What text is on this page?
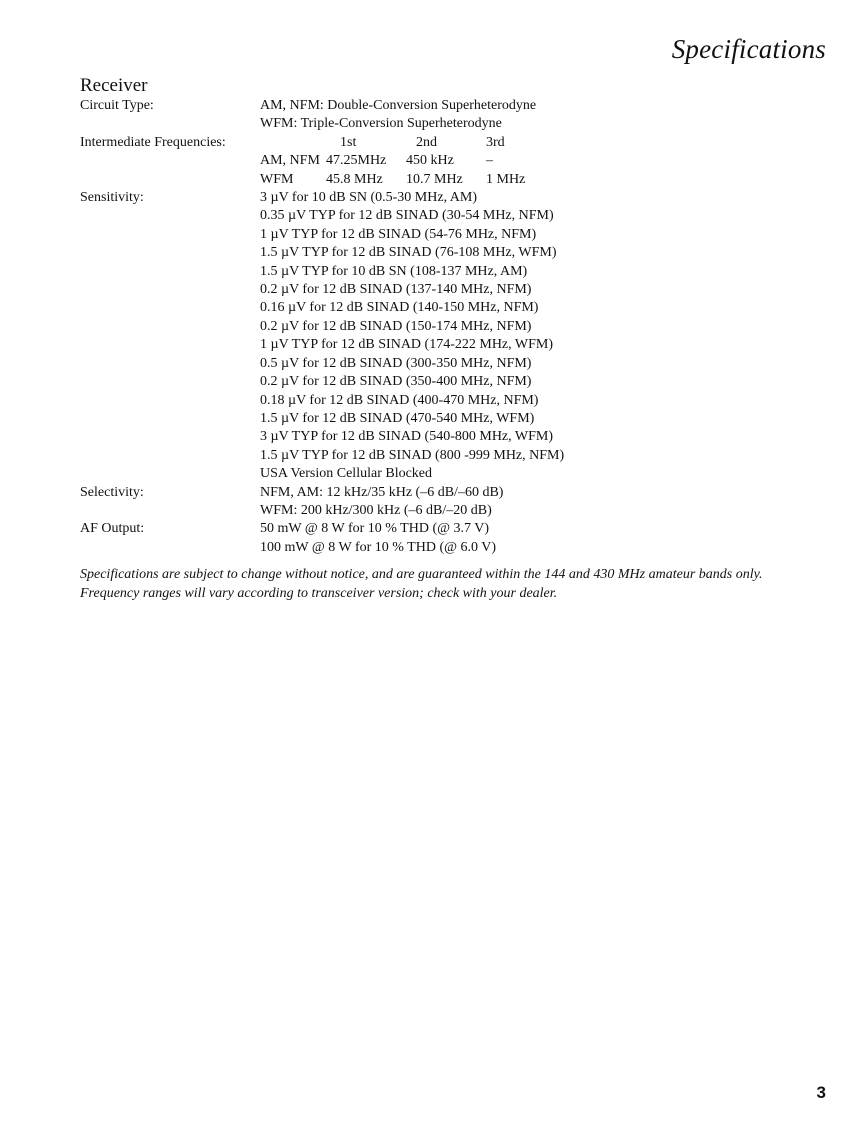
Specifications
Receiver
Circuit Type:	AM, NFM: Double-Conversion Superheterodyne
WFM: Triple-Conversion Superheterodyne
Intermediate Frequencies:	1st	2nd	3rd
AM, NFM 47.25MHz	450 kHz	–
WFM	45.8 MHz	10.7 MHz	1 MHz
Sensitivity:	3 µV for 10 dB SN (0.5-30 MHz, AM)
0.35 µV TYP for 12 dB SINAD (30-54 MHz, NFM)
1 µV TYP for 12 dB SINAD (54-76 MHz, NFM)
1.5 µV TYP for 12 dB SINAD (76-108 MHz, WFM)
1.5 µV TYP for 10 dB SN (108-137 MHz, AM)
0.2 µV for 12 dB SINAD (137-140 MHz, NFM)
0.16 µV for 12 dB SINAD (140-150 MHz, NFM)
0.2 µV for 12 dB SINAD (150-174 MHz, NFM)
1 µV TYP for 12 dB SINAD (174-222 MHz, WFM)
0.5 µV for 12 dB SINAD (300-350 MHz, NFM)
0.2 µV for 12 dB SINAD (350-400 MHz, NFM)
0.18 µV for 12 dB SINAD (400-470 MHz, NFM)
1.5 µV for 12 dB SINAD (470-540 MHz, WFM)
3 µV TYP for 12 dB SINAD (540-800 MHz, WFM)
1.5 µV TYP for 12 dB SINAD (800 -999 MHz, NFM)
USA Version Cellular Blocked
Selectivity:	NFM, AM: 12 kHz/35 kHz (–6 dB/–60 dB)
WFM: 200 kHz/300 kHz (–6 dB/–20 dB)
AF Output:	50 mW @ 8 W for 10 % THD (@ 3.7 V)
100 mW @ 8 W for 10 % THD (@ 6.0 V)
Specifications are subject to change without notice, and are guaranteed within the 144 and 430 MHz amateur bands only.
Frequency ranges will vary according to transceiver version; check with your dealer.
3
